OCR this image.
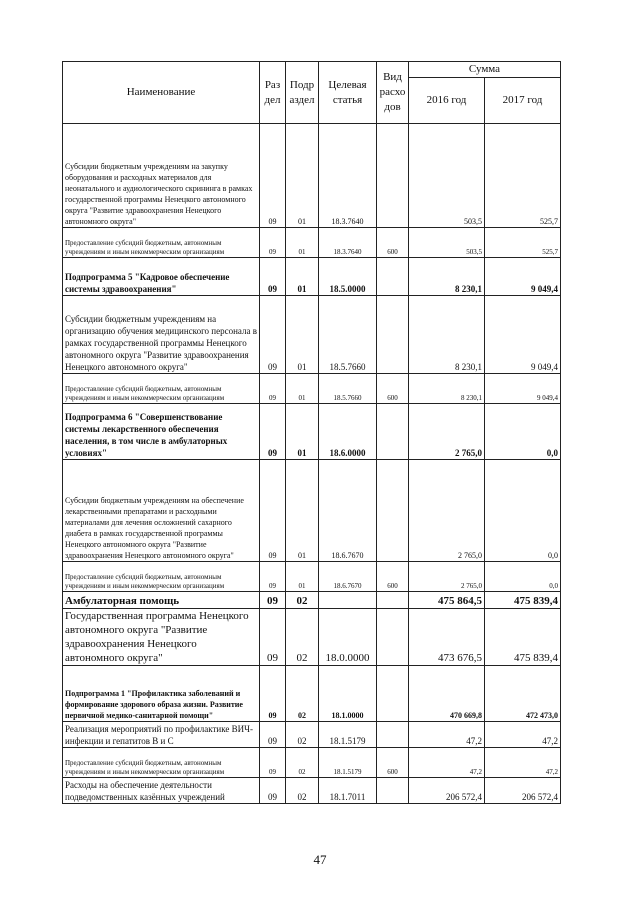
Наименование	Раз дел	Подр аздел	Целевая статья	Вид расхо дов	Сумма	
					2016 год	2017 год
Субсидии бюджетным учреждениям на закупку оборудования и расходных материалов для неонатального и аудиологического скрининга в рамках государственной программы Ненецкого автономного округа "Развитие здравоохранения Ненецкого автономного округа"	09	01	18.3.7640		503,5	525,7
Предоставление субсидий бюджетным, автономным учреждениям и иным некоммерческим организациям	09	01	18.3.7640	600	503,5	525,7
Подпрограмма 5 "Кадровое обеспечение системы здравоохранения"	09	01	18.5.0000		8 230,1	9 049,4
Субсидии бюджетным учреждениям на организацию обучения медицинского персонала в рамках государственной программы Ненецкого автономного округа "Развитие здравоохранения Ненецкого автономного округа"	09	01	18.5.7660		8 230,1	9 049,4
Предоставление субсидий бюджетным, автономным учреждениям и иным некоммерческим организациям	09	01	18.5.7660	600	8 230,1	9 049,4
Подпрограмма 6 "Совершенствование системы лекарственного обеспечения населения, в том числе в амбулаторных условиях"	09	01	18.6.0000		2 765,0	0,0
Субсидии бюджетным учреждениям на обеспечение лекарственными препаратами и расходными материалами для лечения осложнений сахарного диабета в рамках государственной программы Ненецкого автономного округа "Развитие здравоохранения Ненецкого автономного округа"	09	01	18.6.7670		2 765,0	0,0
Предоставление субсидий бюджетным, автономным учреждениям и иным некоммерческим организациям	09	01	18.6.7670	600	2 765,0	0,0
Амбулаторная помощь	09	02			475 864,5	475 839,4
Государственная программа Ненецкого автономного округа "Развитие здравоохранения Ненецкого автономного округа"	09	02	18.0.0000		473 676,5	475 839,4
Подпрограмма 1 "Профилактика заболеваний и формирование здорового образа жизни. Развитие первичной медико-санитарной помощи"	09	02	18.1.0000		470 669,8	472 473,0
Реализация мероприятий по профилактике ВИЧ-инфекции и гепатитов В и С	09	02	18.1.5179		47,2	47,2
Предоставление субсидий бюджетным, автономным учреждениям и иным некоммерческим организациям	09	02	18.1.5179	600	47,2	47,2
Расходы на обеспечение деятельности подведомственных казённых учреждений	09	02	18.1.7011		206 572,4	206 572,4
47
